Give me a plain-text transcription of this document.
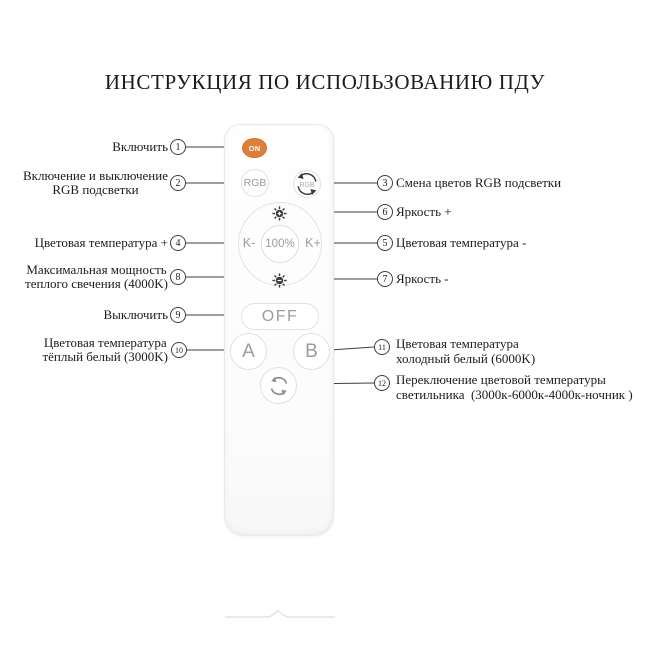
ИНСТРУКЦИЯ ПО ИСПОЛЬЗОВАНИЮ ПДУ
ON
RGB	RGB
K-	K+
100%
OFF
A	B
1
2	3
4	5
6
7
8
9
10	11
12
Включить
Включение и выключение
RGB подсветки
Цветовая температура +
Максимальная мощность
теплого свечения (4000K)
Выключить
Цветовая температура
тёплый белый (3000K)
Смена цветов RGB подсветки
Яркость +
Цветовая температура -
Яркость -
Цветовая температура
холодный белый (6000K)
Переключение цветовой температуры
светильника  (3000к-6000к-4000к-ночник )
